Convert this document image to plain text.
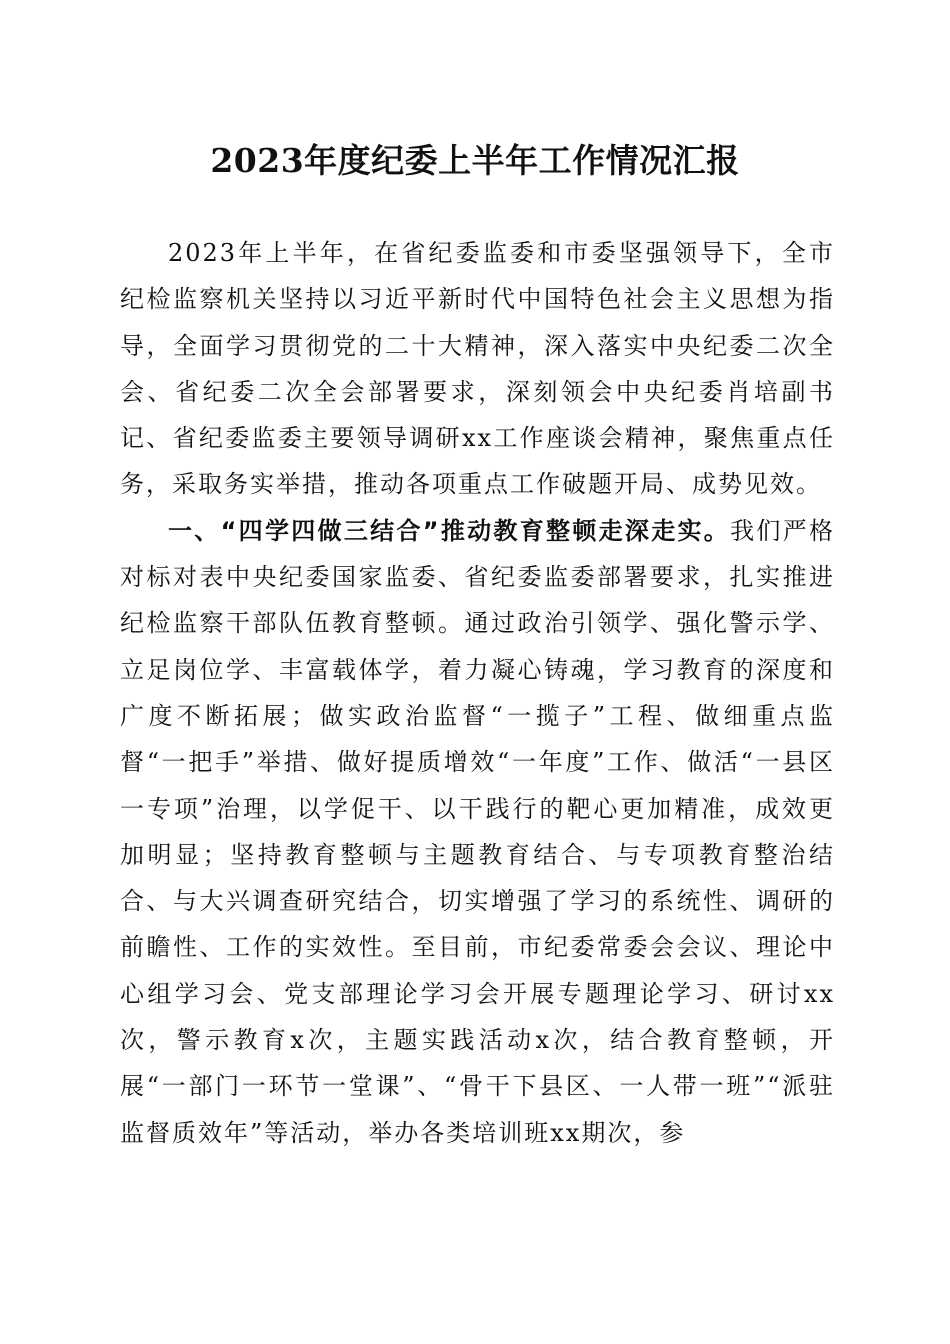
2023年度纪委上半年工作情况汇报

2023年上半年，在省纪委监委和市委坚强领导下，全市纪检监察机关坚持以习近平新时代中国特色社会主义思想为指导，全面学习贯彻党的二十大精神，深入落实中央纪委二次全会、省纪委二次全会部署要求，深刻领会中央纪委肖培副书记、省纪委监委主要领导调研xx工作座谈会精神，聚焦重点任务，采取务实举措，推动各项重点工作破题开局、成势见效。

一、“四学四做三结合”推动教育整顿走深走实。我们严格对标对表中央纪委国家监委、省纪委监委部署要求，扎实推进纪检监察干部队伍教育整顿。通过政治引领学、强化警示学、立足岗位学、丰富载体学，着力凝心铸魂，学习教育的深度和广度不断拓展；做实政治监督“一揽子”工程、做细重点监督“一把手”举措、做好提质增效“一年度”工作、做活“一县区一专项”治理，以学促干、以干践行的靶心更加精准，成效更加明显；坚持教育整顿与主题教育结合、与专项教育整治结合、与大兴调查研究结合，切实增强了学习的系统性、调研的前瞻性、工作的实效性。至目前，市纪委常委会会议、理论中心组学习会、党支部理论学习会开展专题理论学习、研讨xx次，警示教育x次，主题实践活动x次，结合教育整顿，开展“一部门一环节一堂课”、“骨干下县区、一人带一班”“派驻监督质效年”等活动，举办各类培训班xx期次，参
